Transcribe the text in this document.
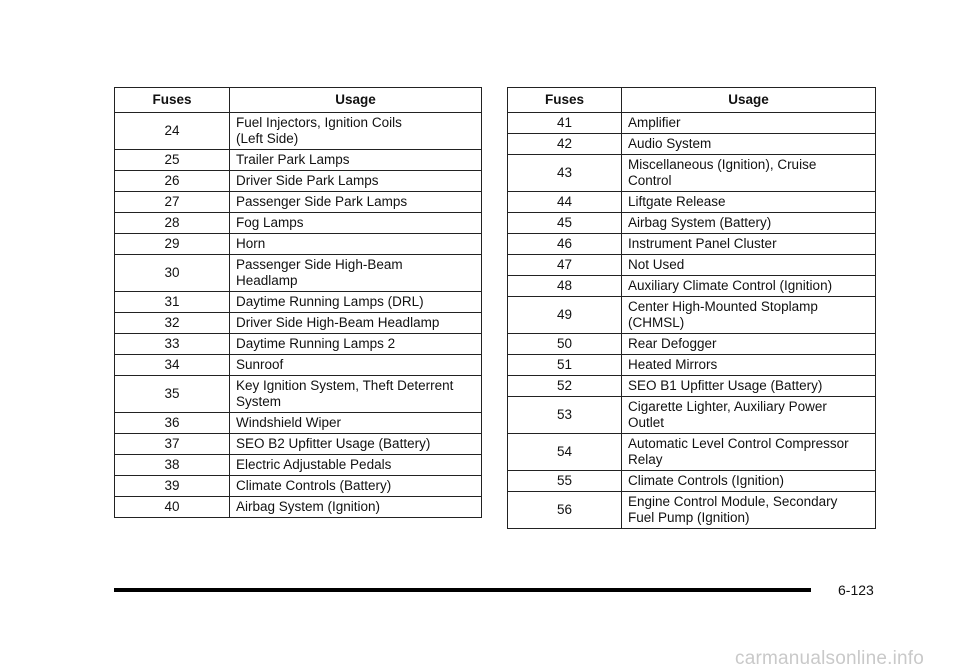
Fuses	Usage
24	Fuel Injectors, Ignition Coils
(Left Side)
25	Trailer Park Lamps
26	Driver Side Park Lamps
27	Passenger Side Park Lamps
28	Fog Lamps
29	Horn
30	Passenger Side High-Beam
Headlamp
31	Daytime Running Lamps (DRL)
32	Driver Side High-Beam Headlamp
33	Daytime Running Lamps 2
34	Sunroof
35	Key Ignition System, Theft Deterrent
System
36	Windshield Wiper
37	SEO B2 Upfitter Usage (Battery)
38	Electric Adjustable Pedals
39	Climate Controls (Battery)
40	Airbag System (Ignition)
Fuses	Usage
41	Amplifier
42	Audio System
43	Miscellaneous (Ignition), Cruise
Control
44	Liftgate Release
45	Airbag System (Battery)
46	Instrument Panel Cluster
47	Not Used
48	Auxiliary Climate Control (Ignition)
49	Center High-Mounted Stoplamp
(CHMSL)
50	Rear Defogger
51	Heated Mirrors
52	SEO B1 Upfitter Usage (Battery)
53	Cigarette Lighter, Auxiliary Power
Outlet
54	Automatic Level Control Compressor
Relay
55	Climate Controls (Ignition)
56	Engine Control Module, Secondary
Fuel Pump (Ignition)
6-123
carmanualsonline.info
